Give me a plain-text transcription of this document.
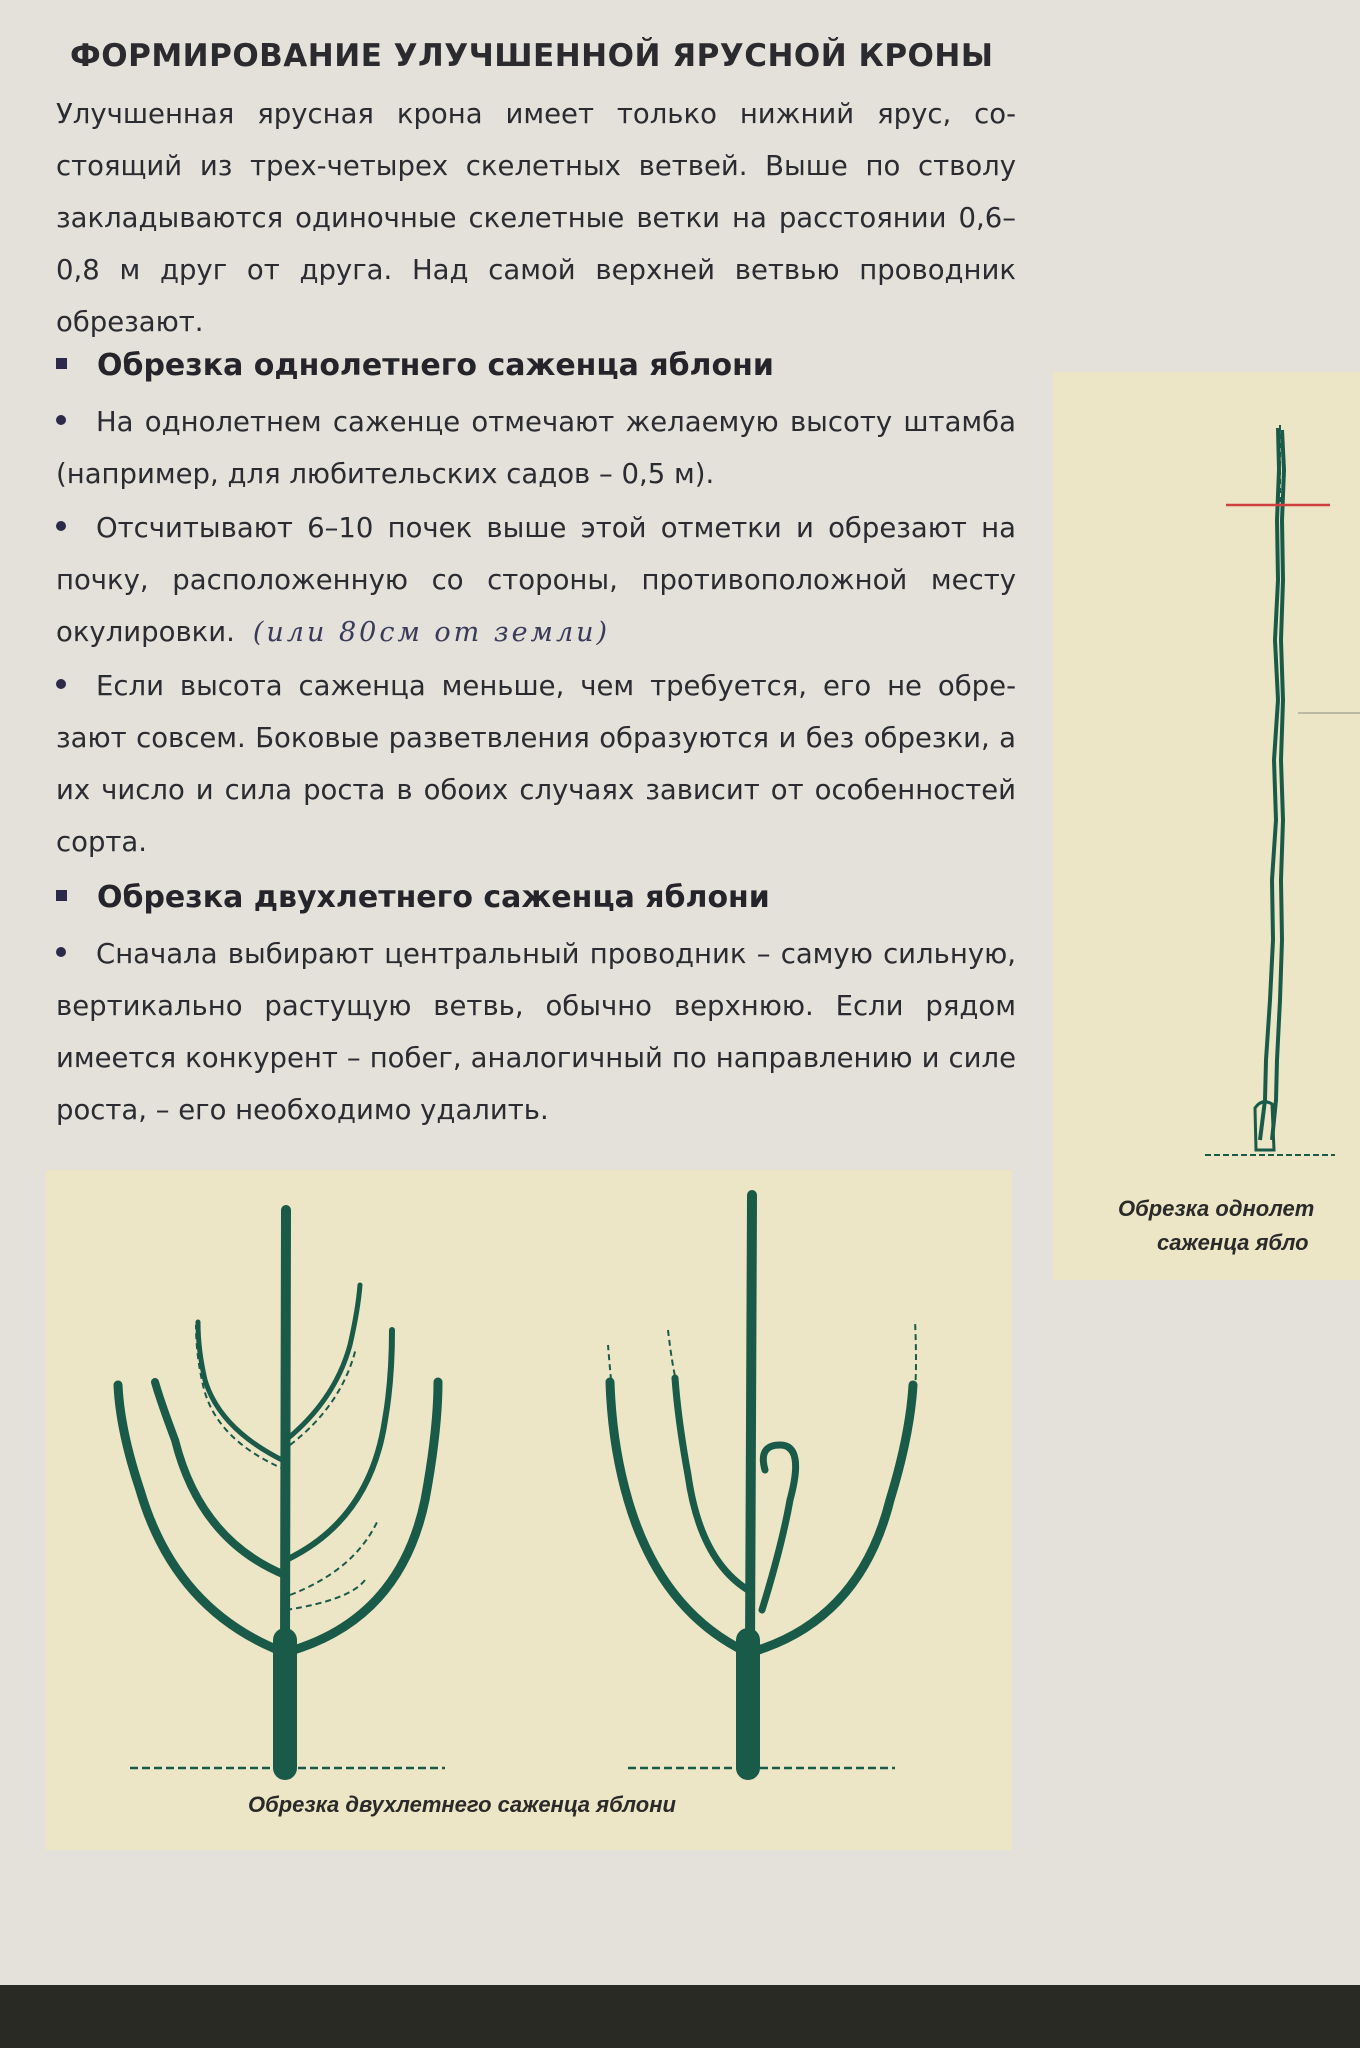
ФОРМИРОВАНИЕ УЛУЧШЕННОЙ ЯРУСНОЙ КРОНЫ
Улучшенная ярусная крона имеет только нижний ярус, состоящий из трех-четырех скелетных ветвей. Выше по стволу закладываются одиночные скелетные ветки на расстоянии 0,6–0,8 м друг от друга. Над самой верхней ветвью проводник обрезают.
Обрезка однолетнего саженца яблони
На однолетнем саженце отмечают желаемую высоту штамба (например, для любительских садов – 0,5 м).
Отсчитывают 6–10 почек выше этой отметки и обрезают на почку, расположенную со стороны, противоположной месту окулировки. (или 80см от земли)
Если высота саженца меньше, чем требуется, его не обрезают совсем. Боковые разветвления образуются и без обрезки, а их число и сила роста в обоих случаях зависит от особенностей сорта.
Обрезка двухлетнего саженца яблони
Сначала выбирают центральный проводник – самую сильную, вертикально растущую ветвь, обычно верхнюю. Если рядом имеется конкурент – побег, аналогичный по направлению и силе роста, – его необходимо удалить.
Обрезка однолет
саженца ябло
Обрезка двухлетнего саженца яблони
